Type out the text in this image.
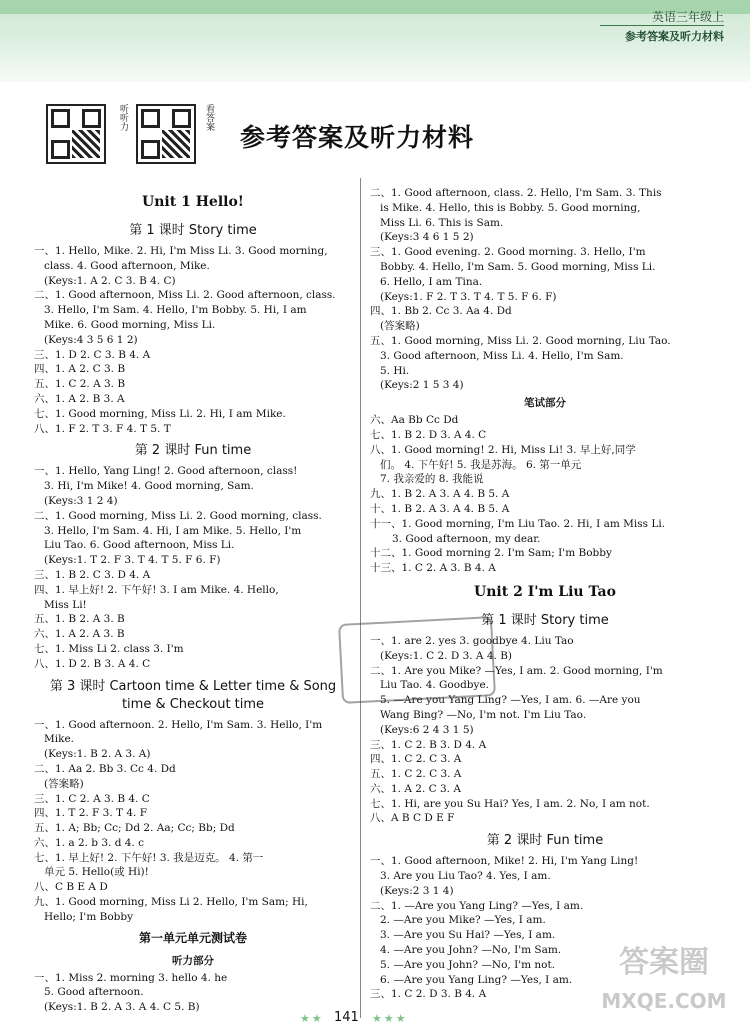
英语三年级上
参考答案及听力材料
听听力	看答案
参考答案及听力材料
Unit 1 Hello!
第 1 课时 Story time
一、1. Hello, Mike. 2. Hi, I'm Miss Li. 3. Good morning,
class. 4. Good afternoon, Mike.
(Keys:1. A 2. C 3. B 4. C)
二、1. Good afternoon, Miss Li. 2. Good afternoon, class.
3. Hello, I'm Sam. 4. Hello, I'm Bobby. 5. Hi, I am
Mike. 6. Good morning, Miss Li.
(Keys:4 3 5 6 1 2)
三、1. D 2. C 3. B 4. A
四、1. A 2. C 3. B
五、1. C 2. A 3. B
六、1. A 2. B 3. A
七、1. Good morning, Miss Li. 2. Hi, I am Mike.
八、1. F 2. T 3. F 4. T 5. T
第 2 课时 Fun time
一、1. Hello, Yang Ling! 2. Good afternoon, class!
3. Hi, I'm Mike! 4. Good morning, Sam.
(Keys:3 1 2 4)
二、1. Good morning, Miss Li. 2. Good morning, class.
3. Hello, I'm Sam. 4. Hi, I am Mike. 5. Hello, I'm
Liu Tao. 6. Good afternoon, Miss Li.
(Keys:1. T 2. F 3. T 4. T 5. F 6. F)
三、1. B 2. C 3. D 4. A
四、1. 早上好! 2. 下午好! 3. I am Mike. 4. Hello,
Miss Li!
五、1. B 2. A 3. B
六、1. A 2. A 3. B
七、1. Miss Li 2. class 3. I'm
八、1. D 2. B 3. A 4. C
第 3 课时 Cartoon time & Letter time & Song time & Checkout time
一、1. Good afternoon. 2. Hello, I'm Sam. 3. Hello, I'm
Mike.
(Keys:1. B 2. A 3. A)
二、1. Aa 2. Bb 3. Cc 4. Dd
(答案略)
三、1. C 2. A 3. B 4. C
四、1. T 2. F 3. T 4. F
五、1. A; Bb; Cc; Dd 2. Aa; Cc; Bb; Dd
六、1. a 2. b 3. d 4. c
七、1. 早上好! 2. 下午好! 3. 我是迈克。 4. 第一
单元 5. Hello(或 Hi)!
八、C B E A D
九、1. Good morning, Miss Li 2. Hello, I'm Sam; Hi,
Hello; I'm Bobby
第一单元单元测试卷
听力部分
一、1. Miss 2. morning 3. hello 4. he
5. Good afternoon.
(Keys:1. B 2. A 3. A 4. C 5. B)
二、1. Good afternoon, class. 2. Hello, I'm Sam. 3. This
is Mike. 4. Hello, this is Bobby. 5. Good morning,
Miss Li. 6. This is Sam.
(Keys:3 4 6 1 5 2)
三、1. Good evening. 2. Good morning. 3. Hello, I'm
Bobby. 4. Hello, I'm Sam. 5. Good morning, Miss Li.
6. Hello, I am Tina.
(Keys:1. F 2. T 3. T 4. T 5. F 6. F)
四、1. Bb 2. Cc 3. Aa 4. Dd
(答案略)
五、1. Good morning, Miss Li. 2. Good morning, Liu Tao.
3. Good afternoon, Miss Li. 4. Hello, I'm Sam.
5. Hi.
(Keys:2 1 5 3 4)
笔试部分
六、Aa Bb Cc Dd
七、1. B 2. D 3. A 4. C
八、1. Good morning! 2. Hi, Miss Li! 3. 早上好,同学
们。 4. 下午好! 5. 我是苏海。 6. 第一单元
7. 我亲爱的 8. 我能说
九、1. B 2. A 3. A 4. B 5. A
十、1. B 2. A 3. A 4. B 5. A
十一、1. Good morning, I'm Liu Tao. 2. Hi, I am Miss Li.
3. Good afternoon, my dear.
十二、1. Good morning 2. I'm Sam; I'm Bobby
十三、1. C 2. A 3. B 4. A
Unit 2 I'm Liu Tao
第 1 课时 Story time
一、1. are 2. yes 3. goodbye 4. Liu Tao
(Keys:1. C 2. D 3. A 4. B)
二、1. Are you Mike? —Yes, I am. 2. Good morning, I'm
Liu Tao. 4. Goodbye.
5. —Are you Yang Ling? —Yes, I am. 6. —Are you
Wang Bing? —No, I'm not. I'm Liu Tao.
(Keys:6 2 4 3 1 5)
三、1. C 2. B 3. D 4. A
四、1. C 2. C 3. A
五、1. C 2. C 3. A
六、1. A 2. C 3. A
七、1. Hi, are you Su Hai? Yes, I am. 2. No, I am not.
八、A B C D E F
第 2 课时 Fun time
一、1. Good afternoon, Mike! 2. Hi, I'm Yang Ling!
3. Are you Liu Tao? 4. Yes, I am.
(Keys:2 3 1 4)
二、1. —Are you Yang Ling? —Yes, I am.
2. —Are you Mike? —Yes, I am.
3. —Are you Su Hai? —Yes, I am.
4. —Are you John? —No, I'm Sam.
5. —Are you John? —No, I'm not.
6. —Are you Yang Ling? —Yes, I am.
三、1. C 2. D 3. B 4. A
★★ 141 ★★★
答案圈
MXQE.COM
